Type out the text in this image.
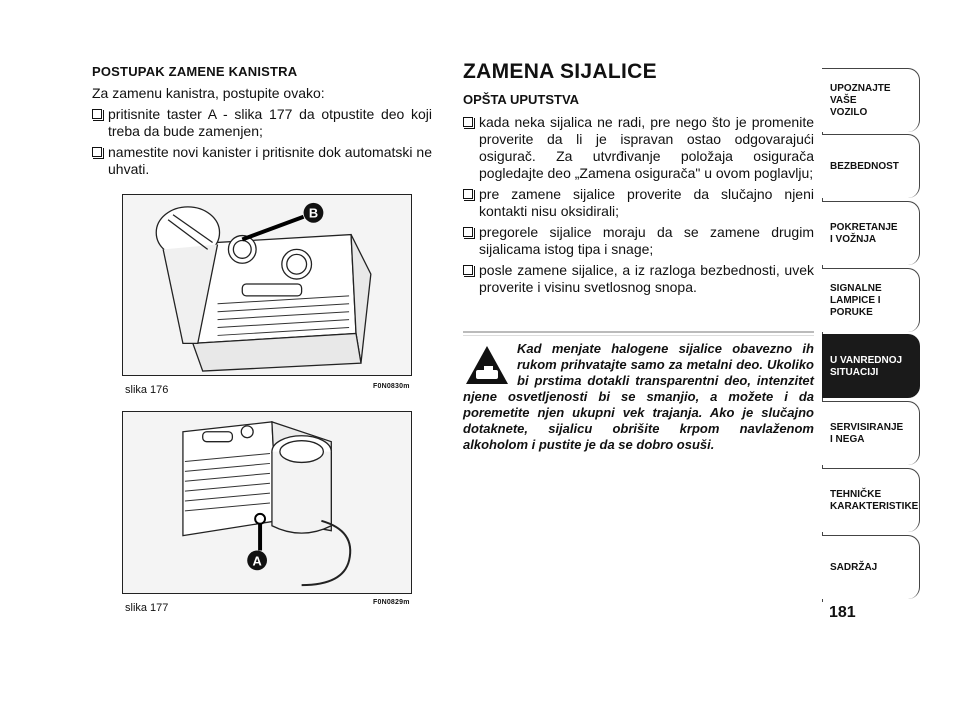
POSTUPAK ZAMENE KANISTRA

Za zamenu kanistra, postupite ovako:

pritisnite taster A - slika 177 da otpustite deo koji treba da bude zamenjen;
namestite novi kanister i pritisnite dok automatski ne uhvati.
B
slika 176	F0N0830m
A
slika 177	F0N0829m
ZAMENA SIJALICE
OPŠTA UPUTSTVA
kada neka sijalica ne radi, pre nego što je promenite proverite da li je ispravan ostao odgovarajući osigurač. Za utvrđivanje položaja osigurača pogledajte deo „Zamena osigurača" u ovom poglavlju;
pre zamene sijalice proverite da slučajno njeni kontakti nisu oksidirali;
pregorele sijalice moraju da se zamene drugim sijalicama istog tipa i snage;
posle zamene sijalice, a iz razloga bezbednosti, uvek proverite i visinu svetlosnog snopa.
Kad menjate halogene sijalice obavezno ih rukom prihvatajte samo za metalni deo. Ukoliko bi prstima dotakli transparentni deo, intenzitet njene osvetljenosti bi se smanjio, a možete i da poremetite njen ukupni vek trajanja. Ako je slučajno dotaknete, sijalicu obrišite krpom navlaženom alkoholom i pustite je da se dobro osuši.
UPOZNAJTE
VAŠE
VOZILO
BEZBEDNOST
POKRETANJE
I VOŽNJA
SIGNALNE
LAMPICE I PORUKE
U VANREDNOJ
SITUACIJI
SERVISIRANJE
I NEGA
TEHNIČKE
KARAKTERISTIKE
SADRŽAJ
181
